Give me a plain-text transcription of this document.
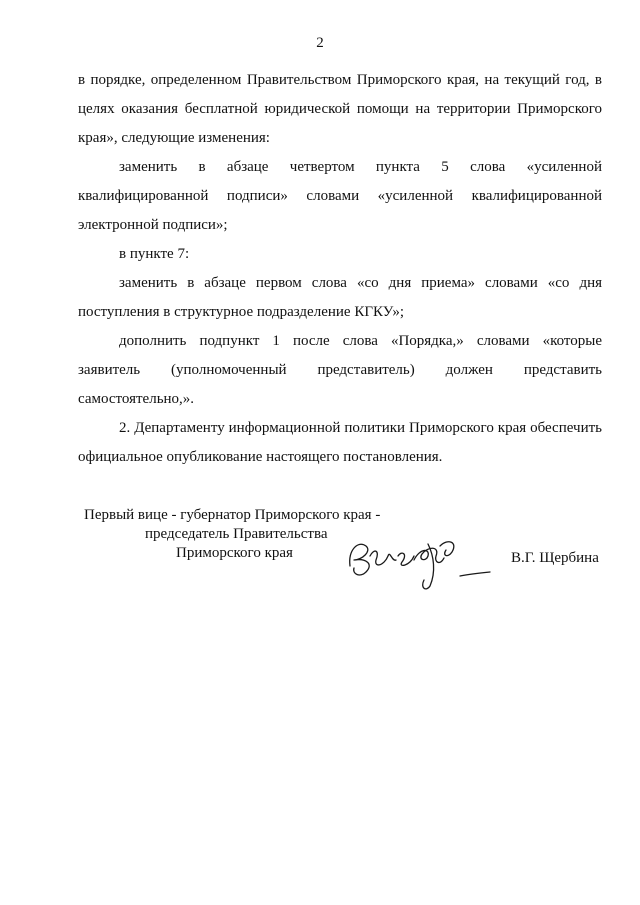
2

в порядке, определенном Правительством Приморского края, на текущий год, в целях оказания бесплатной юридической помощи на территории Приморского края», следующие изменения:

заменить в абзаце четвертом пункта 5 слова «усиленной квалифицированной подписи» словами «усиленной квалифицированной электронной подписи»;

в пункте 7:

заменить в абзаце первом слова «со дня приема» словами «со дня поступления в структурное подразделение КГКУ»;

дополнить подпункт 1 после слова «Порядка,» словами «которые заявитель (уполномоченный представитель) должен представить самостоятельно,».

2. Департаменту информационной политики Приморского края обеспечить официальное опубликование настоящего постановления.

Первый вице - губернатор Приморского края -
председатель Правительства
Приморского края	В.Г. Щербина
